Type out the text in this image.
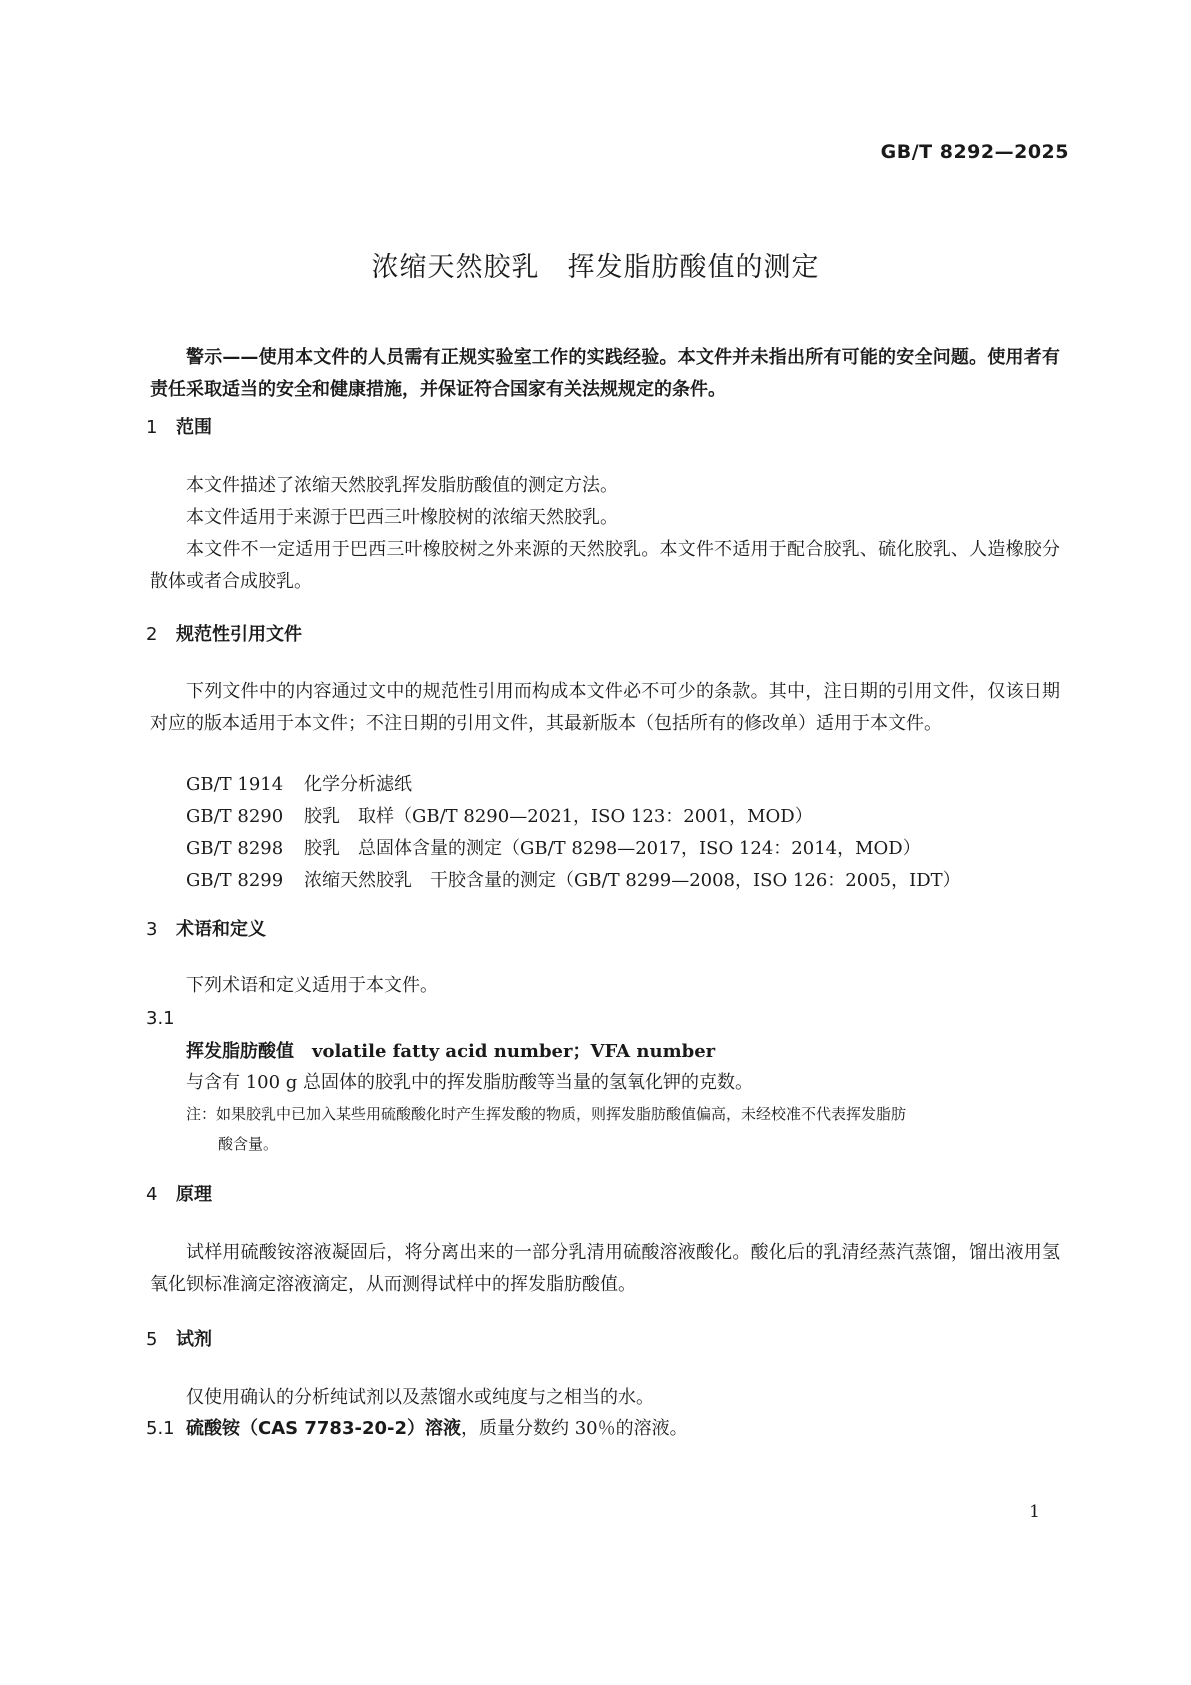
GB/T 8292—2025
浓缩天然胶乳　挥发脂肪酸值的测定
警示——使用本文件的人员需有正规实验室工作的实践经验。本文件并未指出所有可能的安全问题。使用者有责任采取适当的安全和健康措施，并保证符合国家有关法规规定的条件。
1 范围
本文件描述了浓缩天然胶乳挥发脂肪酸值的测定方法。
本文件适用于来源于巴西三叶橡胶树的浓缩天然胶乳。
本文件不一定适用于巴西三叶橡胶树之外来源的天然胶乳。本文件不适用于配合胶乳、硫化胶乳、人造橡胶分散体或者合成胶乳。
2 规范性引用文件
下列文件中的内容通过文中的规范性引用而构成本文件必不可少的条款。其中，注日期的引用文件，仅该日期对应的版本适用于本文件；不注日期的引用文件，其最新版本（包括所有的修改单）适用于本文件。
GB/T 1914 化学分析滤纸
GB/T 8290 胶乳　取样（GB/T 8290—2021，ISO 123：2001，MOD）
GB/T 8298 胶乳　总固体含量的测定（GB/T 8298—2017，ISO 124：2014，MOD）
GB/T 8299 浓缩天然胶乳　干胶含量的测定（GB/T 8299—2008，ISO 126：2005，IDT）
3 术语和定义
下列术语和定义适用于本文件。
3.1
挥发脂肪酸值　 volatile fatty acid number；VFA number
与含有 100 g 总固体的胶乳中的挥发脂肪酸等当量的氢氧化钾的克数。
注：如果胶乳中已加入某些用硫酸酸化时产生挥发酸的物质，则挥发脂肪酸值偏高，未经校准不代表挥发脂肪
酸含量。
4 原理
试样用硫酸铵溶液凝固后，将分离出来的一部分乳清用硫酸溶液酸化。酸化后的乳清经蒸汽蒸馏，馏出液用氢氧化钡标准滴定溶液滴定，从而测得试样中的挥发脂肪酸值。
5 试剂
仅使用确认的分析纯试剂以及蒸馏水或纯度与之相当的水。
5.1 硫酸铵（CAS 7783-20-2）溶液，质量分数约 30％的溶液。
1
